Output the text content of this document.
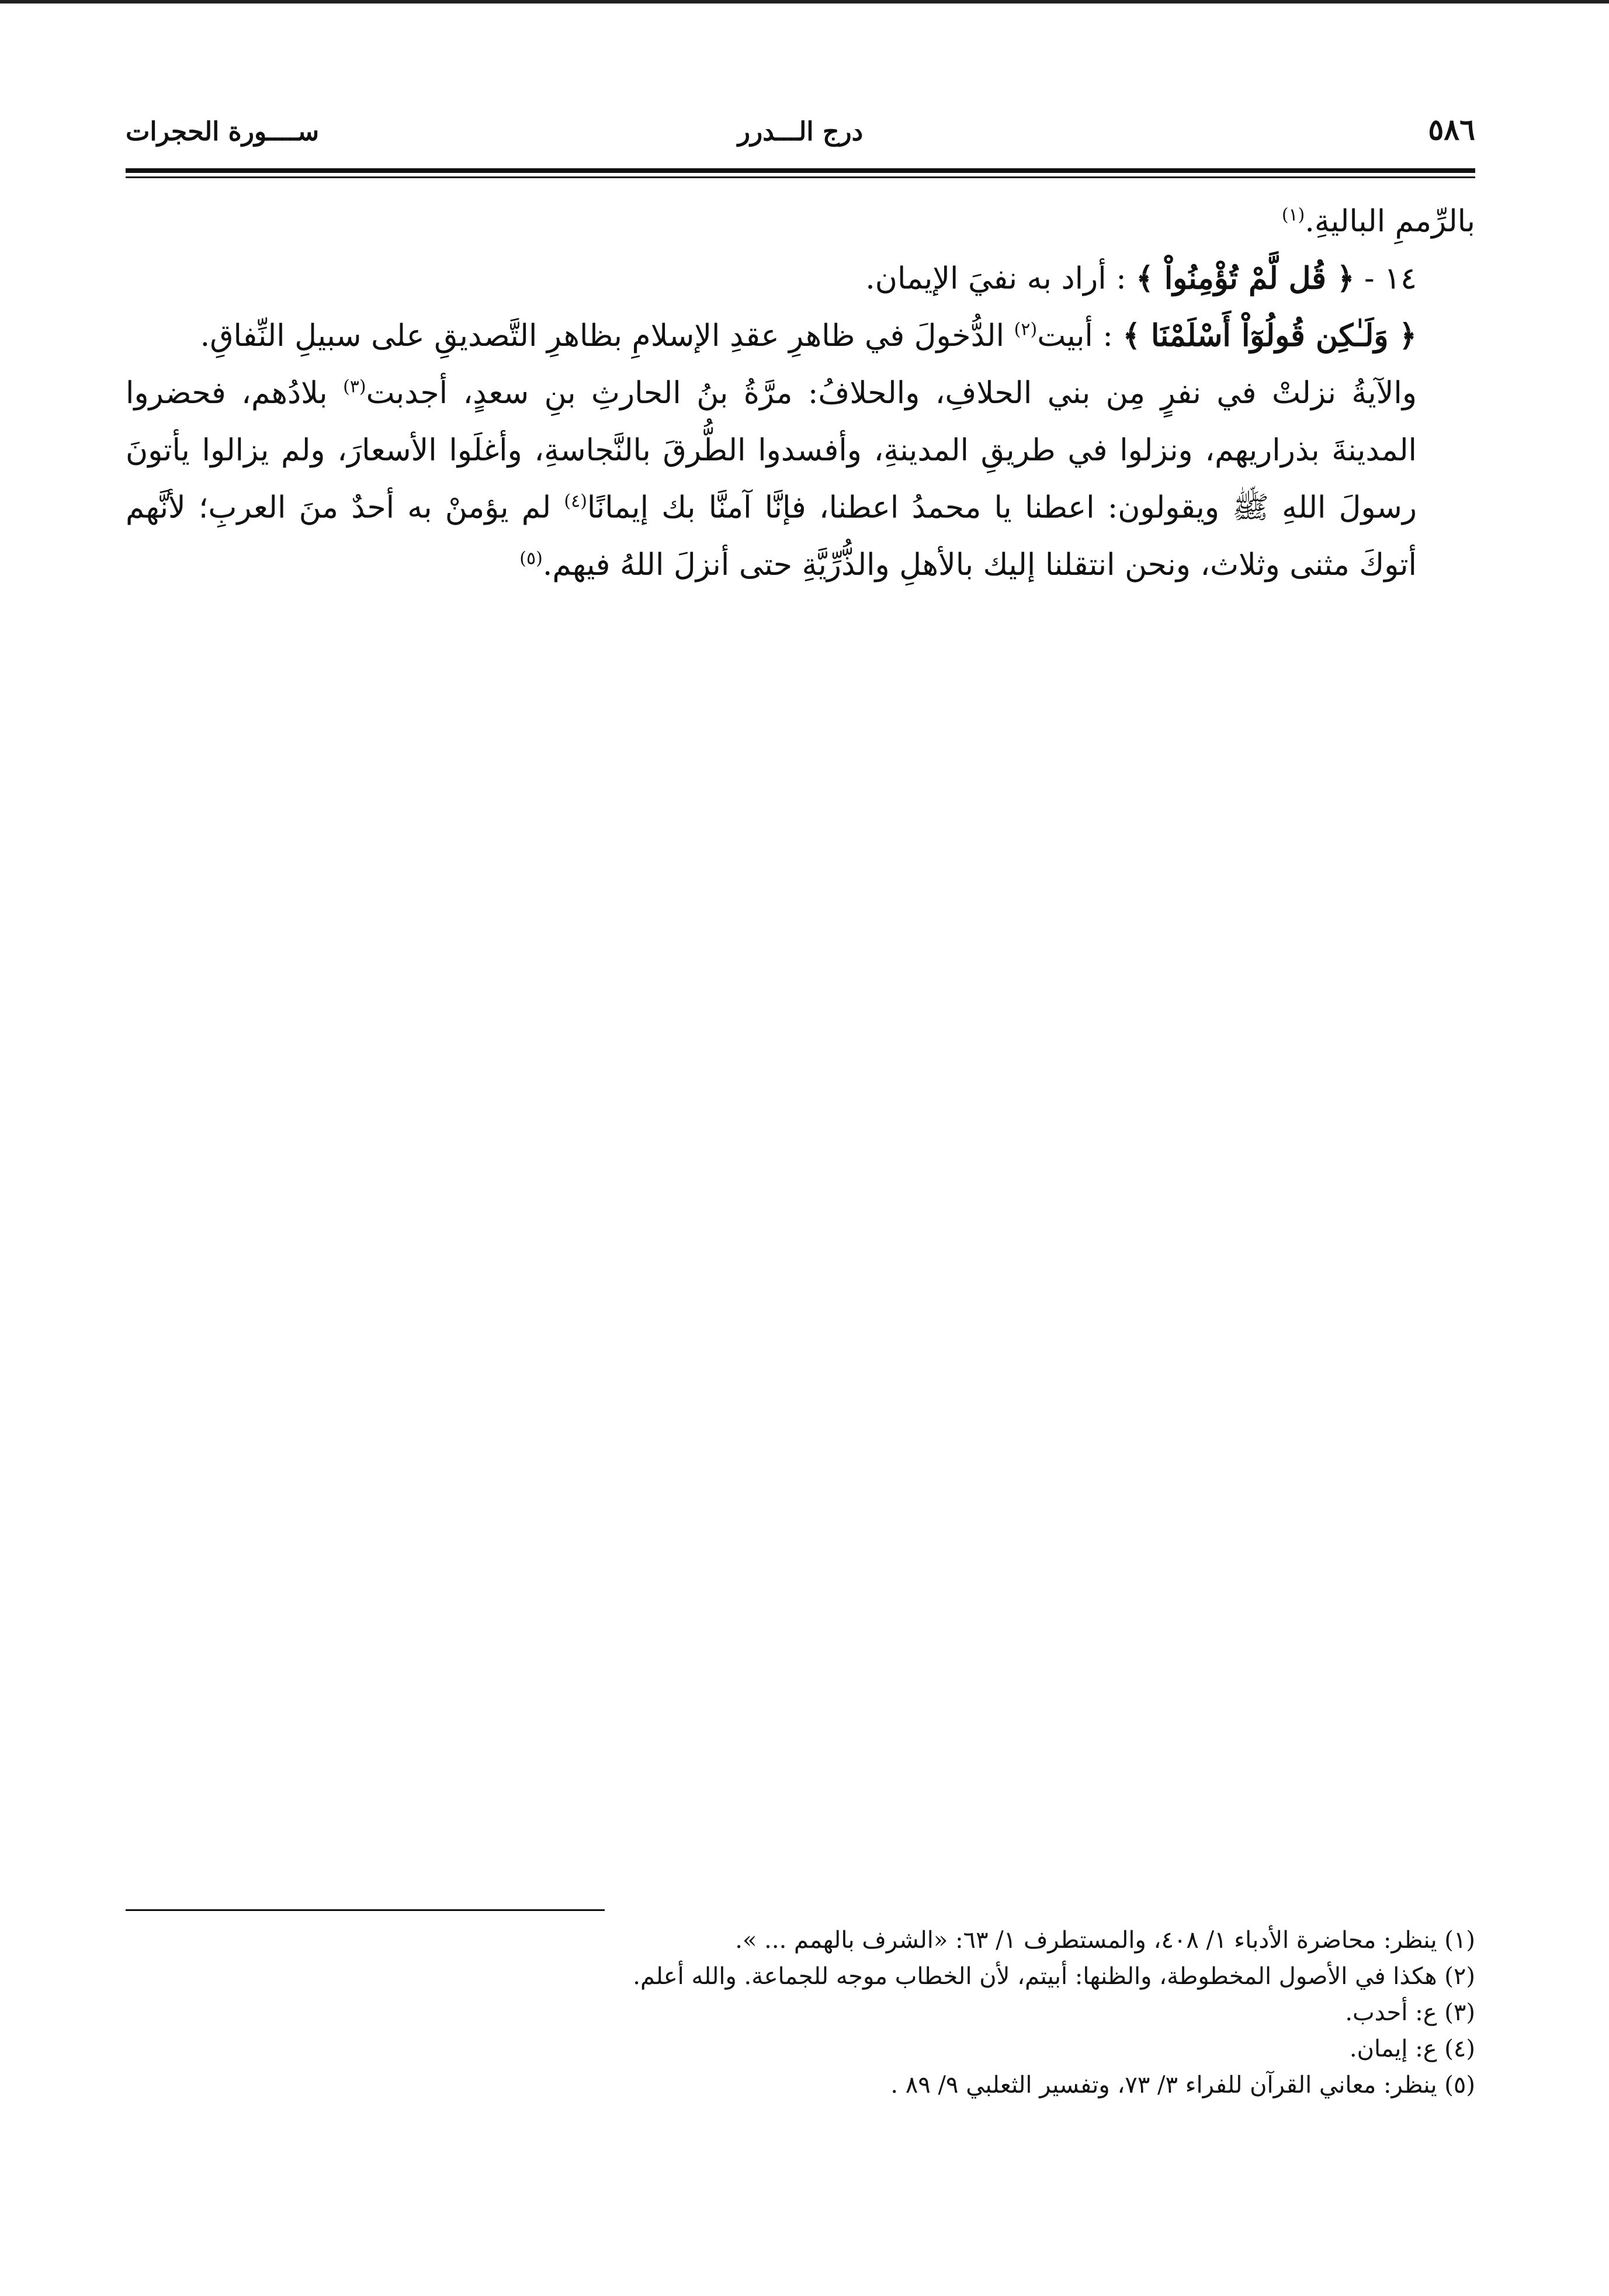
٥٨٦
درج الـــدرر
ســــورة الحجرات

بالرِّممِ الباليةِ.$^{(١)}$

١٤ - ﴿ قُل لَّمْ تُؤْمِنُواْ ﴾ : أراد به نفيَ الإيمان.

﴿ وَلَـٰكِن قُولُوٓاْ أَسْلَمْنَا ﴾ : أبيت$^{(٢)}$ الدُّخولَ في ظاهرِ عقدِ الإسلامِ بظاهرِ التَّصديقِ على سبيلِ النِّفاقِ.

والآيةُ نزلتْ في نفرٍ مِن بني الحلافِ، والحلافُ: مرَّةُ بنُ الحارثِ بنِ سعدٍ، أجدبت$^{(٣)}$ بلادُهم، فحضروا المدينةَ بذراريهم، ونزلوا في طريقِ المدينةِ، وأفسدوا الطُّرقَ بالنَّجاسةِ، وأغلَوا الأسعارَ، ولم يزالوا يأتونَ رسولَ اللهِ ﷺ ويقولون: اعطنا يا محمدُ اعطنا، فإنَّا آمنَّا بك إيمانًا$^{(٤)}$ لم يؤمنْ به أحدٌ منَ العربِ؛ لأنَّهم أتوكَ مثنى وثلاث، ونحن انتقلنا إليك بالأهلِ والذُّرِّيَّةِ حتى أنزلَ اللهُ فيهم.$^{(٥)}$

(١) ينظر: محاضرة الأدباء ١/ ٤٠٨، والمستطرف ١/ ٦٣: «الشرف بالهمم ... ».
(٢) هكذا في الأصول المخطوطة، والظنها: أبيتم، لأن الخطاب موجه للجماعة. والله أعلم.
(٣) ع: أحدب.
(٤) ع: إيمان.
(٥) ينظر: معاني القرآن للفراء ٣/ ٧٣، وتفسير الثعلبي ٩/ ٨٩ .
